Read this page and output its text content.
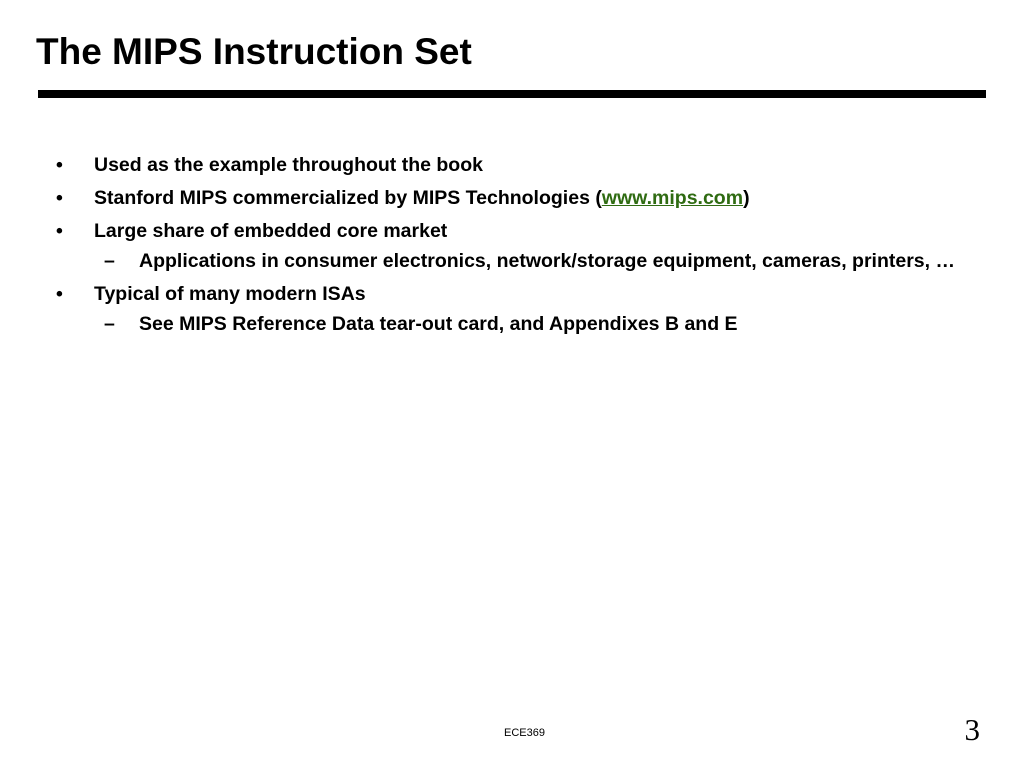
The MIPS Instruction Set
• Used as the example throughout the book
• Stanford MIPS commercialized by MIPS Technologies (www.mips.com)
• Large share of embedded core market
– Applications in consumer electronics, network/storage equipment, cameras, printers, …
• Typical of many modern ISAs
– See MIPS Reference Data tear-out card, and Appendixes B and E
ECE369	3
